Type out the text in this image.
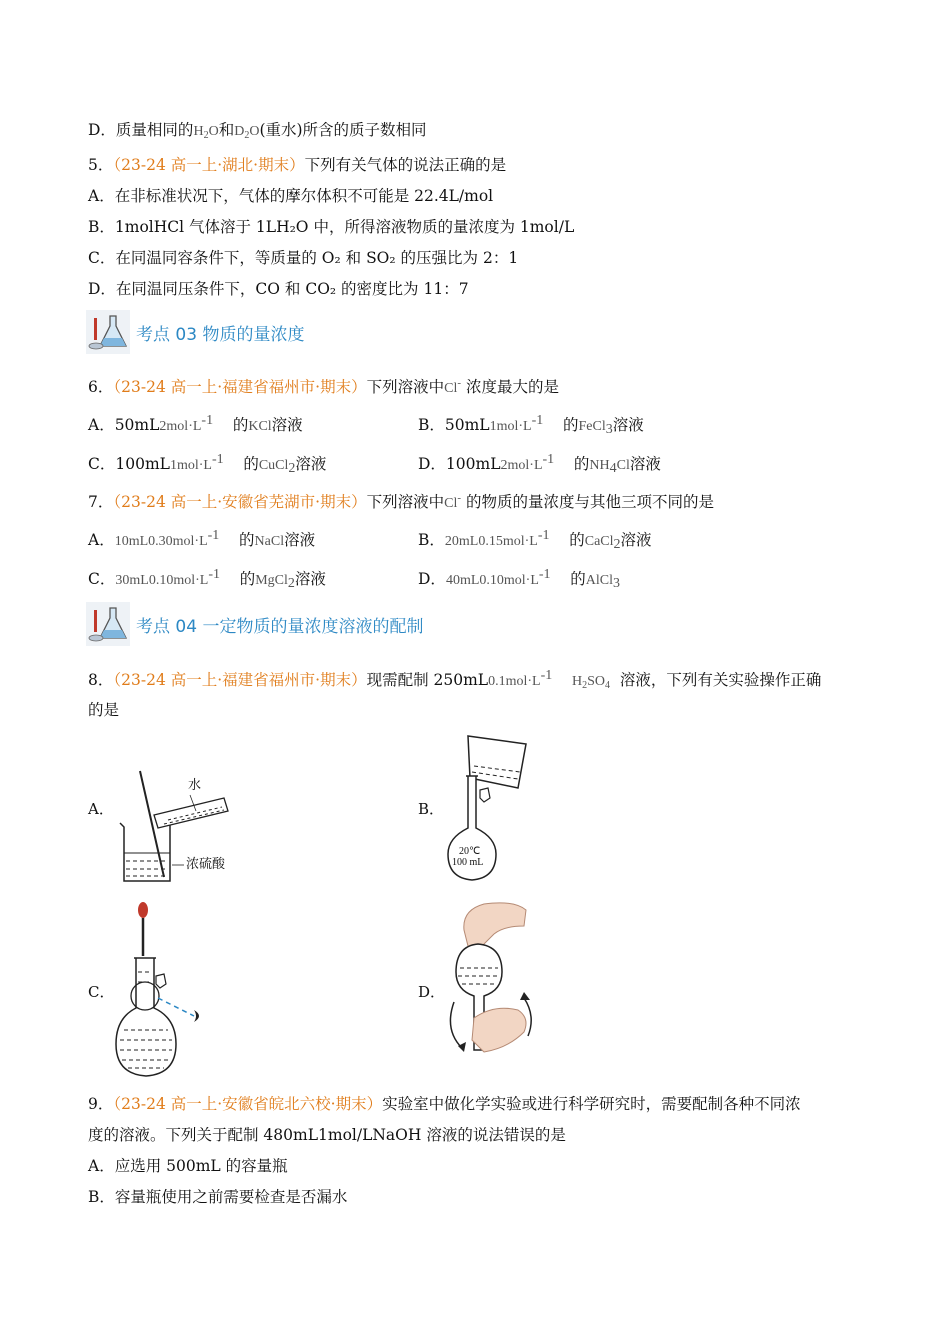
D．质量相同的$H_2O$和$D_2O$(重水)所含的质子数相同
5．（23-24 高一上·湖北·期末）下列有关气体的说法正确的是
A．在非标准状况下，气体的摩尔体积不可能是 22.4L/mol
B．1molHCl 气体溶于 1LH₂O 中，所得溶液物质的量浓度为 1mol/L
C．在同温同容条件下，等质量的 O₂ 和 SO₂ 的压强比为 2：1
D．在同温同压条件下，CO 和 CO₂ 的密度比为 11：7
考点 03 物质的量浓度
6．（23-24 高一上·福建省福州市·期末）下列溶液中Cl- 浓度最大的是
A．50mL2mol·L-1 的KCl溶液	B．50mL1mol·L-1 的FeCl3溶液
C．100mL1mol·L-1 的CuCl2溶液	D．100mL2mol·L-1 的NH4Cl溶液
7．（23-24 高一上·安徽省芜湖市·期末）下列溶液中Cl- 的物质的量浓度与其他三项不同的是
A．10mL0.30mol·L-1 的NaCl溶液	B．20mL0.15mol·L-1 的CaCl2溶液
C．30mL0.10mol·L-1 的MgCl2溶液	D．40mL0.10mol·L-1 的AlCl3
考点 04 一定物质的量浓度溶液的配制
8．（23-24 高一上·福建省福州市·期末）现需配制 250mL0.1mol·L-1 $H_2SO_4$ 溶液，下列有关实验操作正确
的是
A．	B．
C．	D．
水
浓硫酸
20℃
100 mL
9．（23-24 高一上·安徽省皖北六校·期末）实验室中做化学实验或进行科学研究时，需要配制各种不同浓
度的溶液。下列关于配制 480mL1mol/LNaOH 溶液的说法错误的是
A．应选用 500mL 的容量瓶
B．容量瓶使用之前需要检查是否漏水
